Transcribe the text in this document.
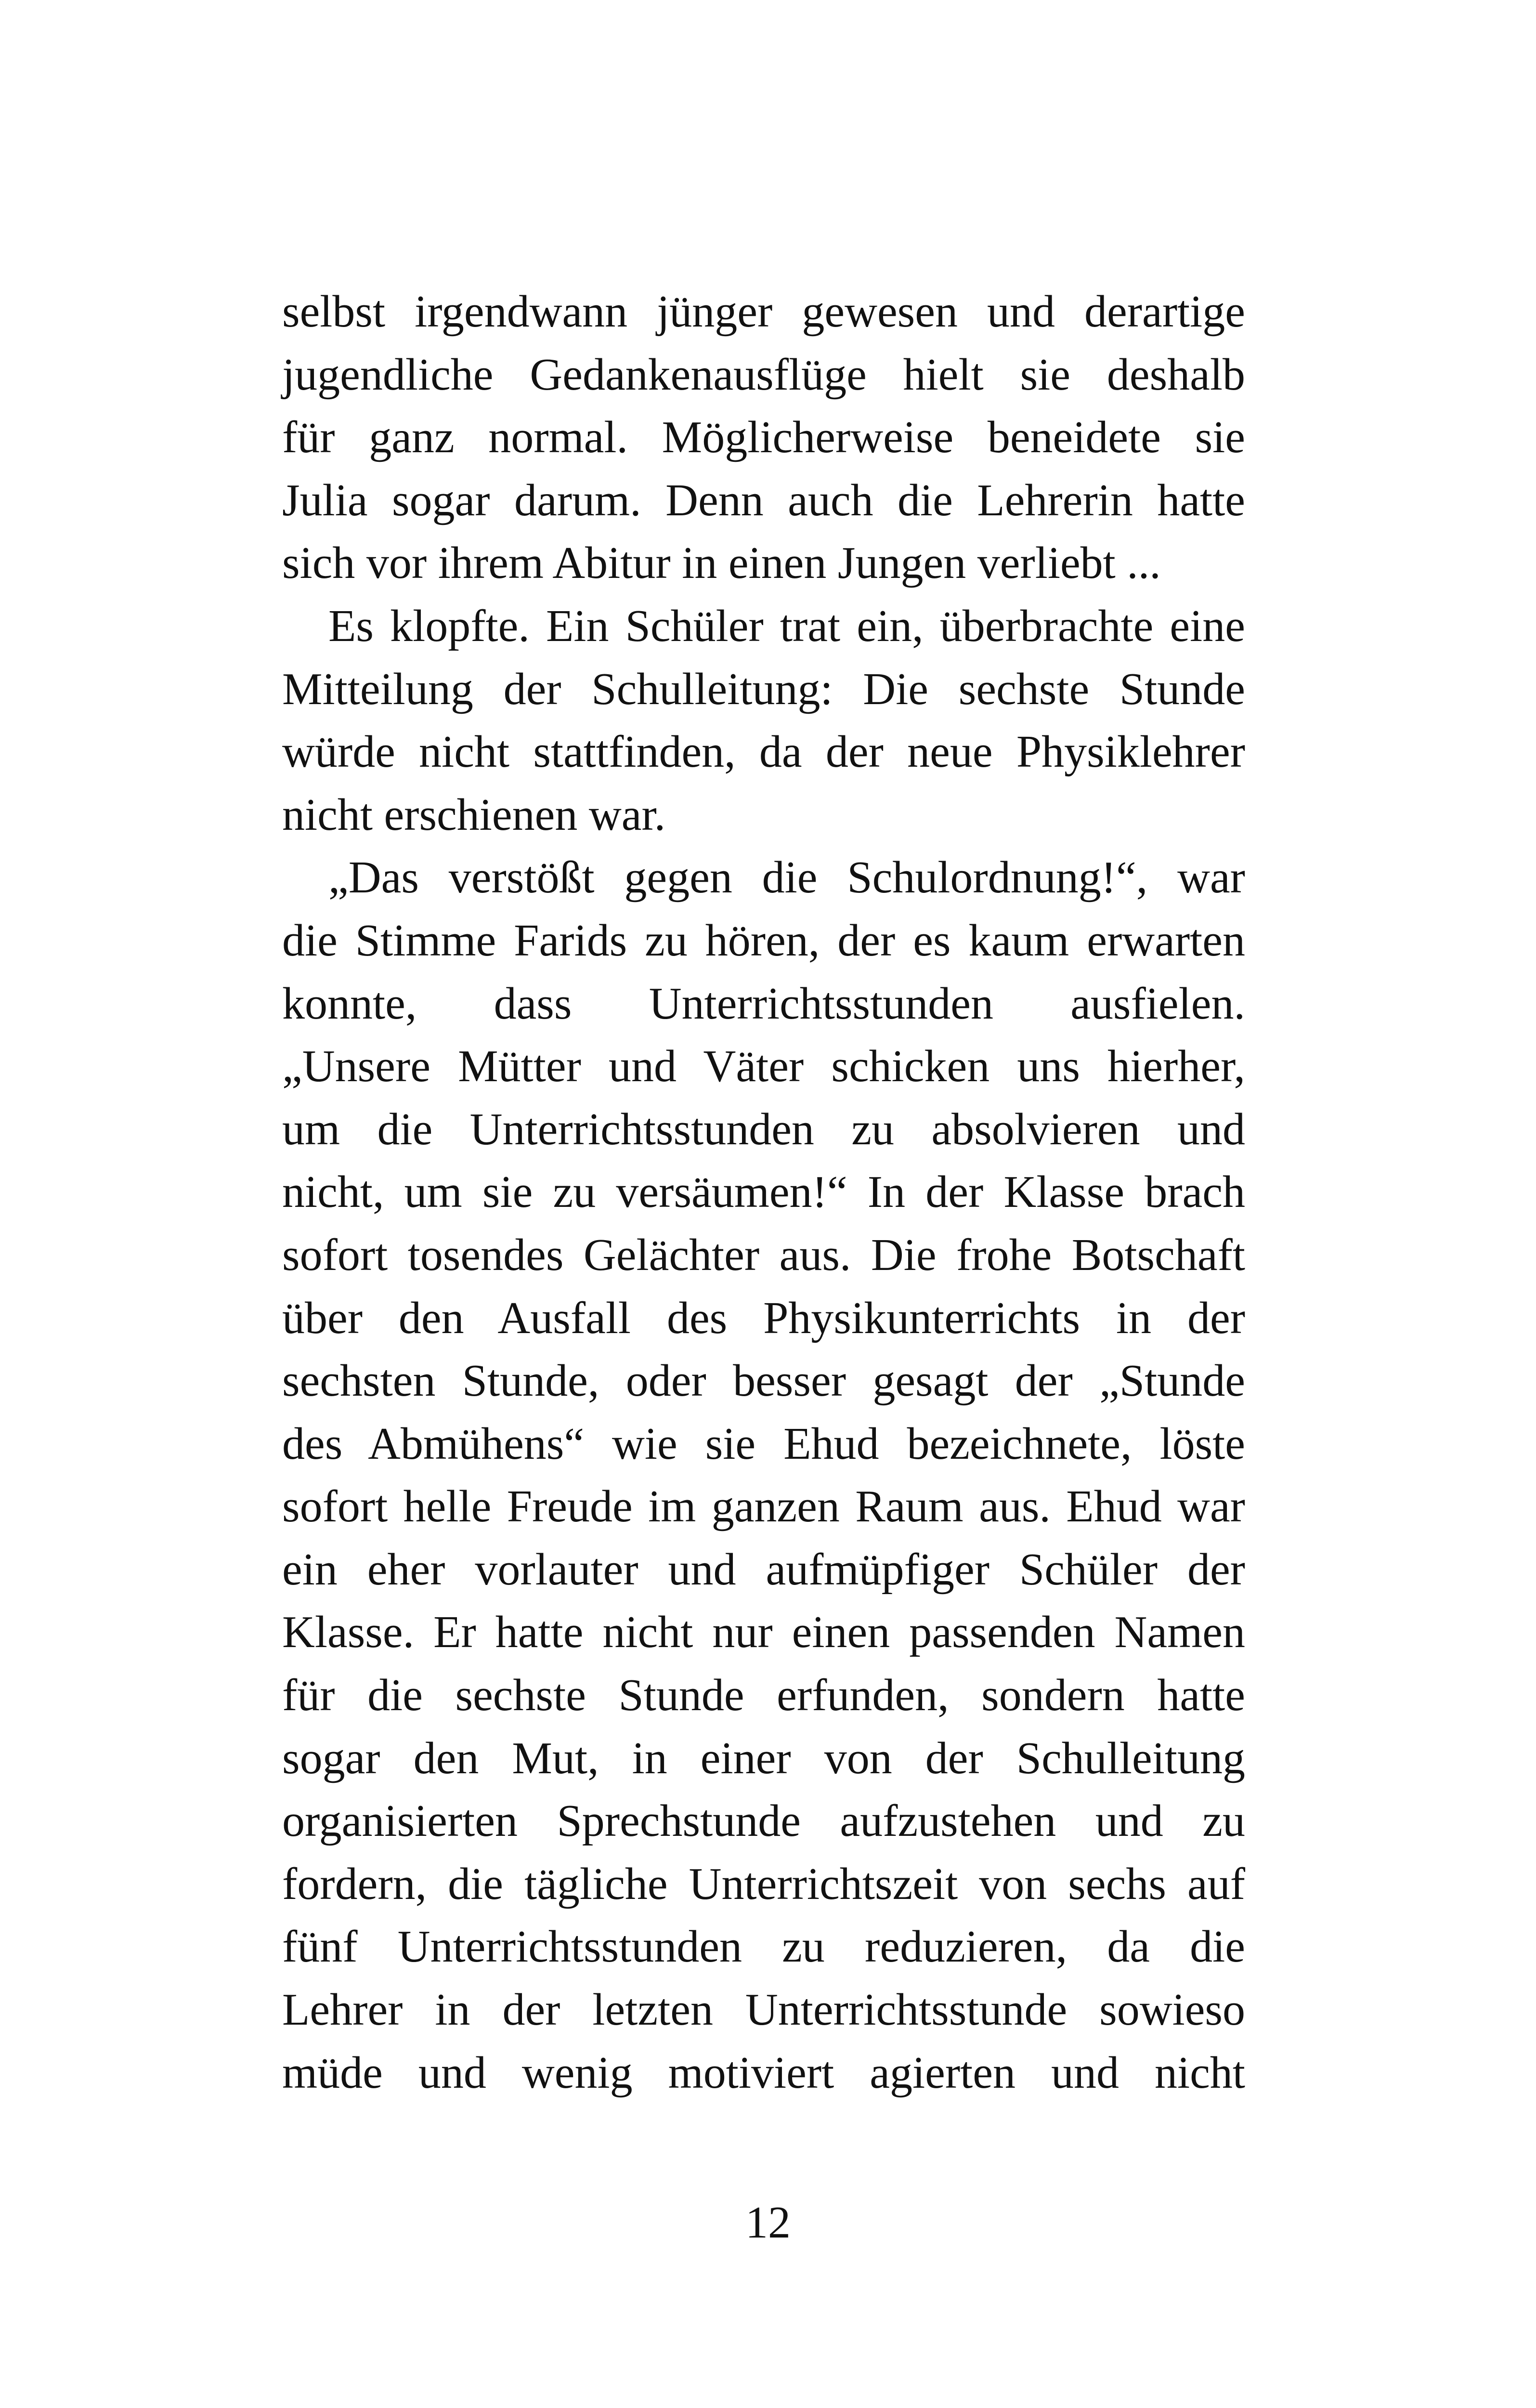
selbst irgendwann jünger gewesen und derartige
jugendliche Gedankenausflüge hielt sie deshalb
für ganz normal. Möglicherweise beneidete sie
Julia sogar darum. Denn auch die Lehrerin hatte
sich vor ihrem Abitur in einen Jungen verliebt ...
Es klopfte. Ein Schüler trat ein, überbrachte eine
Mitteilung der Schulleitung: Die sechste Stunde
würde nicht stattfinden, da der neue Physiklehrer
nicht erschienen war.
„Das verstößt gegen die Schulordnung!“, war
die Stimme Farids zu hören, der es kaum erwarten
konnte, dass Unterrichtsstunden ausfielen.
„Unsere Mütter und Väter schicken uns hierher,
um die Unterrichtsstunden zu absolvieren und
nicht, um sie zu versäumen!“ In der Klasse brach
sofort tosendes Gelächter aus. Die frohe Botschaft
über den Ausfall des Physikunterrichts in der
sechsten Stunde, oder besser gesagt der „Stunde
des Abmühens“ wie sie Ehud bezeichnete, löste
sofort helle Freude im ganzen Raum aus. Ehud war
ein eher vorlauter und aufmüpfiger Schüler der
Klasse. Er hatte nicht nur einen passenden Namen
für die sechste Stunde erfunden, sondern hatte
sogar den Mut, in einer von der Schulleitung
organisierten Sprechstunde aufzustehen und zu
fordern, die tägliche Unterrichtszeit von sechs auf
fünf Unterrichtsstunden zu reduzieren, da die
Lehrer in der letzten Unterrichtsstunde sowieso
müde und wenig motiviert agierten und nicht
12
